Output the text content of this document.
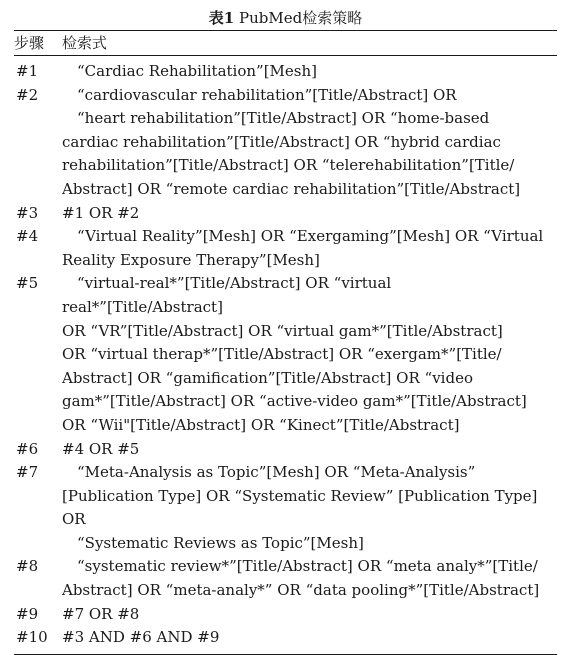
表1 PubMed检索策略
步骤	检索式
#1	　“Cardiac Rehabilitation”[Mesh]
#2	　“cardiovascular rehabilitation”[Title/Abstract] OR
　“heart rehabilitation”[Title/Abstract] OR “home-based
cardiac rehabilitation”[Title/Abstract] OR “hybrid cardiac
rehabilitation”[Title/Abstract] OR “telerehabilitation”[Title/
Abstract] OR “remote cardiac rehabilitation”[Title/Abstract]
#3	#1 OR #2
#4	　“Virtual Reality”[Mesh] OR “Exergaming”[Mesh] OR “Virtual
Reality Exposure Therapy”[Mesh]
#5	　“virtual-real*”[Title/Abstract] OR “virtual real*”[Title/Abstract]
OR “VR”[Title/Abstract] OR “virtual gam*”[Title/Abstract]
OR “virtual therap*”[Title/Abstract] OR “exergam*”[Title/
Abstract] OR “gamification”[Title/Abstract] OR “video
gam*”[Title/Abstract] OR “active-video gam*”[Title/Abstract]
OR “Wii"[Title/Abstract] OR “Kinect”[Title/Abstract]
#6	#4 OR #5
#7	　“Meta-Analysis as Topic”[Mesh] OR “Meta-Analysis”
[Publication Type] OR “Systematic Review” [Publication Type] OR
　“Systematic Reviews as Topic”[Mesh]
#8	　“systematic review*”[Title/Abstract] OR “meta analy*”[Title/
Abstract] OR “meta-analy*” OR “data pooling*”[Title/Abstract]
#9	#7 OR #8
#10 #3 AND #6 AND #9
